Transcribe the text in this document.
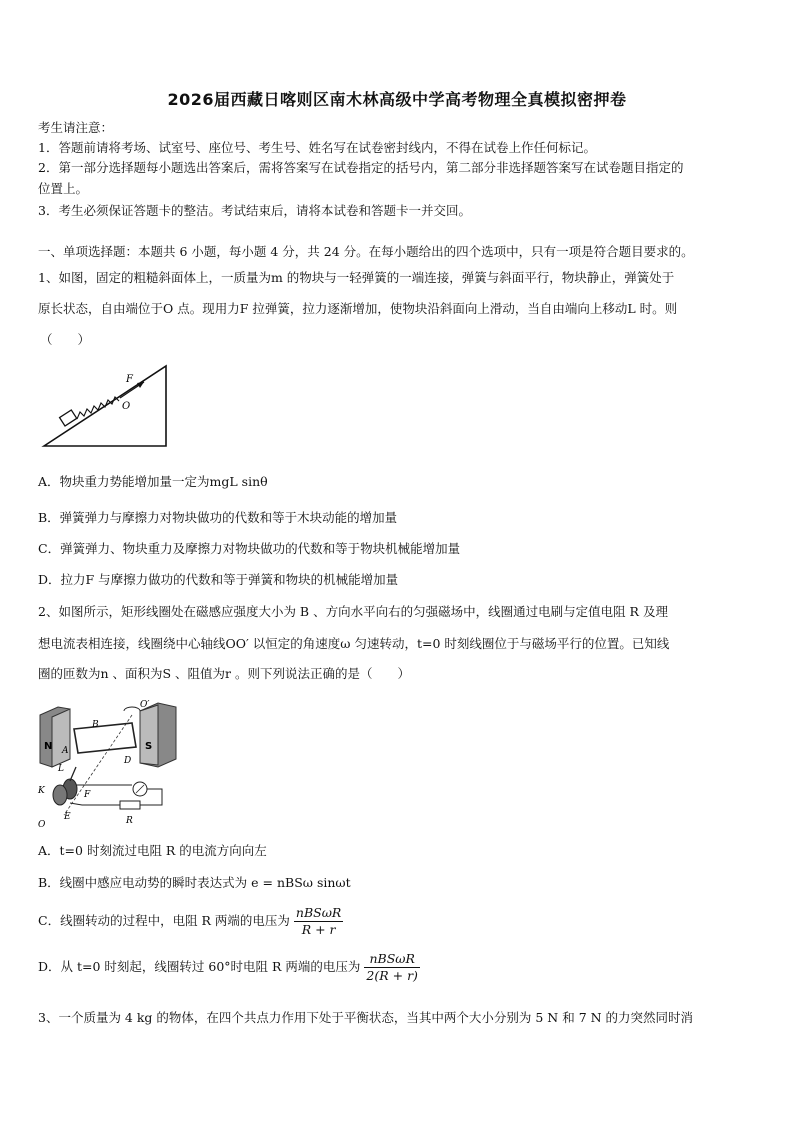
2026届西藏日喀则区南木林高级中学高考物理全真模拟密押卷
考生请注意：
1．答题前请将考场、试室号、座位号、考生号、姓名写在试卷密封线内，不得在试卷上作任何标记。
2．第一部分选择题每小题选出答案后，需将答案写在试卷指定的括号内，第二部分非选择题答案写在试卷题目指定的
位置上。
3．考生必须保证答题卡的整洁。考试结束后，请将本试卷和答题卡一并交回。
一、单项选择题：本题共 6 小题，每小题 4 分，共 24 分。在每小题给出的四个选项中，只有一项是符合题目要求的。
1、如图，固定的粗糙斜面体上，一质量为m 的物块与一轻弹簧的一端连接，弹簧与斜面平行，物块静止，弹簧处于
原长状态，自由端位于O 点。现用力F 拉弹簧，拉力逐渐增加，使物块沿斜面向上滑动，当自由端向上移动L 时。则
（　　）
F
O
A．物块重力势能增加量一定为mgL sinθ
B．弹簧弹力与摩擦力对物块做功的代数和等于木块动能的增加量
C．弹簧弹力、物块重力及摩擦力对物块做功的代数和等于物块机械能增加量
D．拉力F 与摩擦力做功的代数和等于弹簧和物块的机械能增加量
2、如图所示，矩形线圈处在磁感应强度大小为 B 、方向水平向右的匀强磁场中，线圈通过电刷与定值电阻 R 及理
想电流表相连接，线圈绕中心轴线OO′ 以恒定的角速度ω 匀速转动，t=0 时刻线圈位于与磁场平行的位置。已知线
圈的匝数为n 、面积为S 、阻值为r 。则下列说法正确的是（　　）
N	S
O′
B
A
L
D
K	F
E
O	R
A．t=0 时刻流过电阻 R 的电流方向向左
B．线圈中感应电动势的瞬时表达式为 e = nBSω sinωt
C．线圈转动的过程中，电阻 R 两端的电压为 $\frac{\text{nBSωR}}{R + r}$
D．从 t=0 时刻起，线圈转过 60°时电阻 R 两端的电压为 $\frac{\text{nBSωR}}{2(R + r)}$
3、一个质量为 4 kg 的物体，在四个共点力作用下处于平衡状态，当其中两个大小分别为 5 N 和 7 N 的力突然同时消
